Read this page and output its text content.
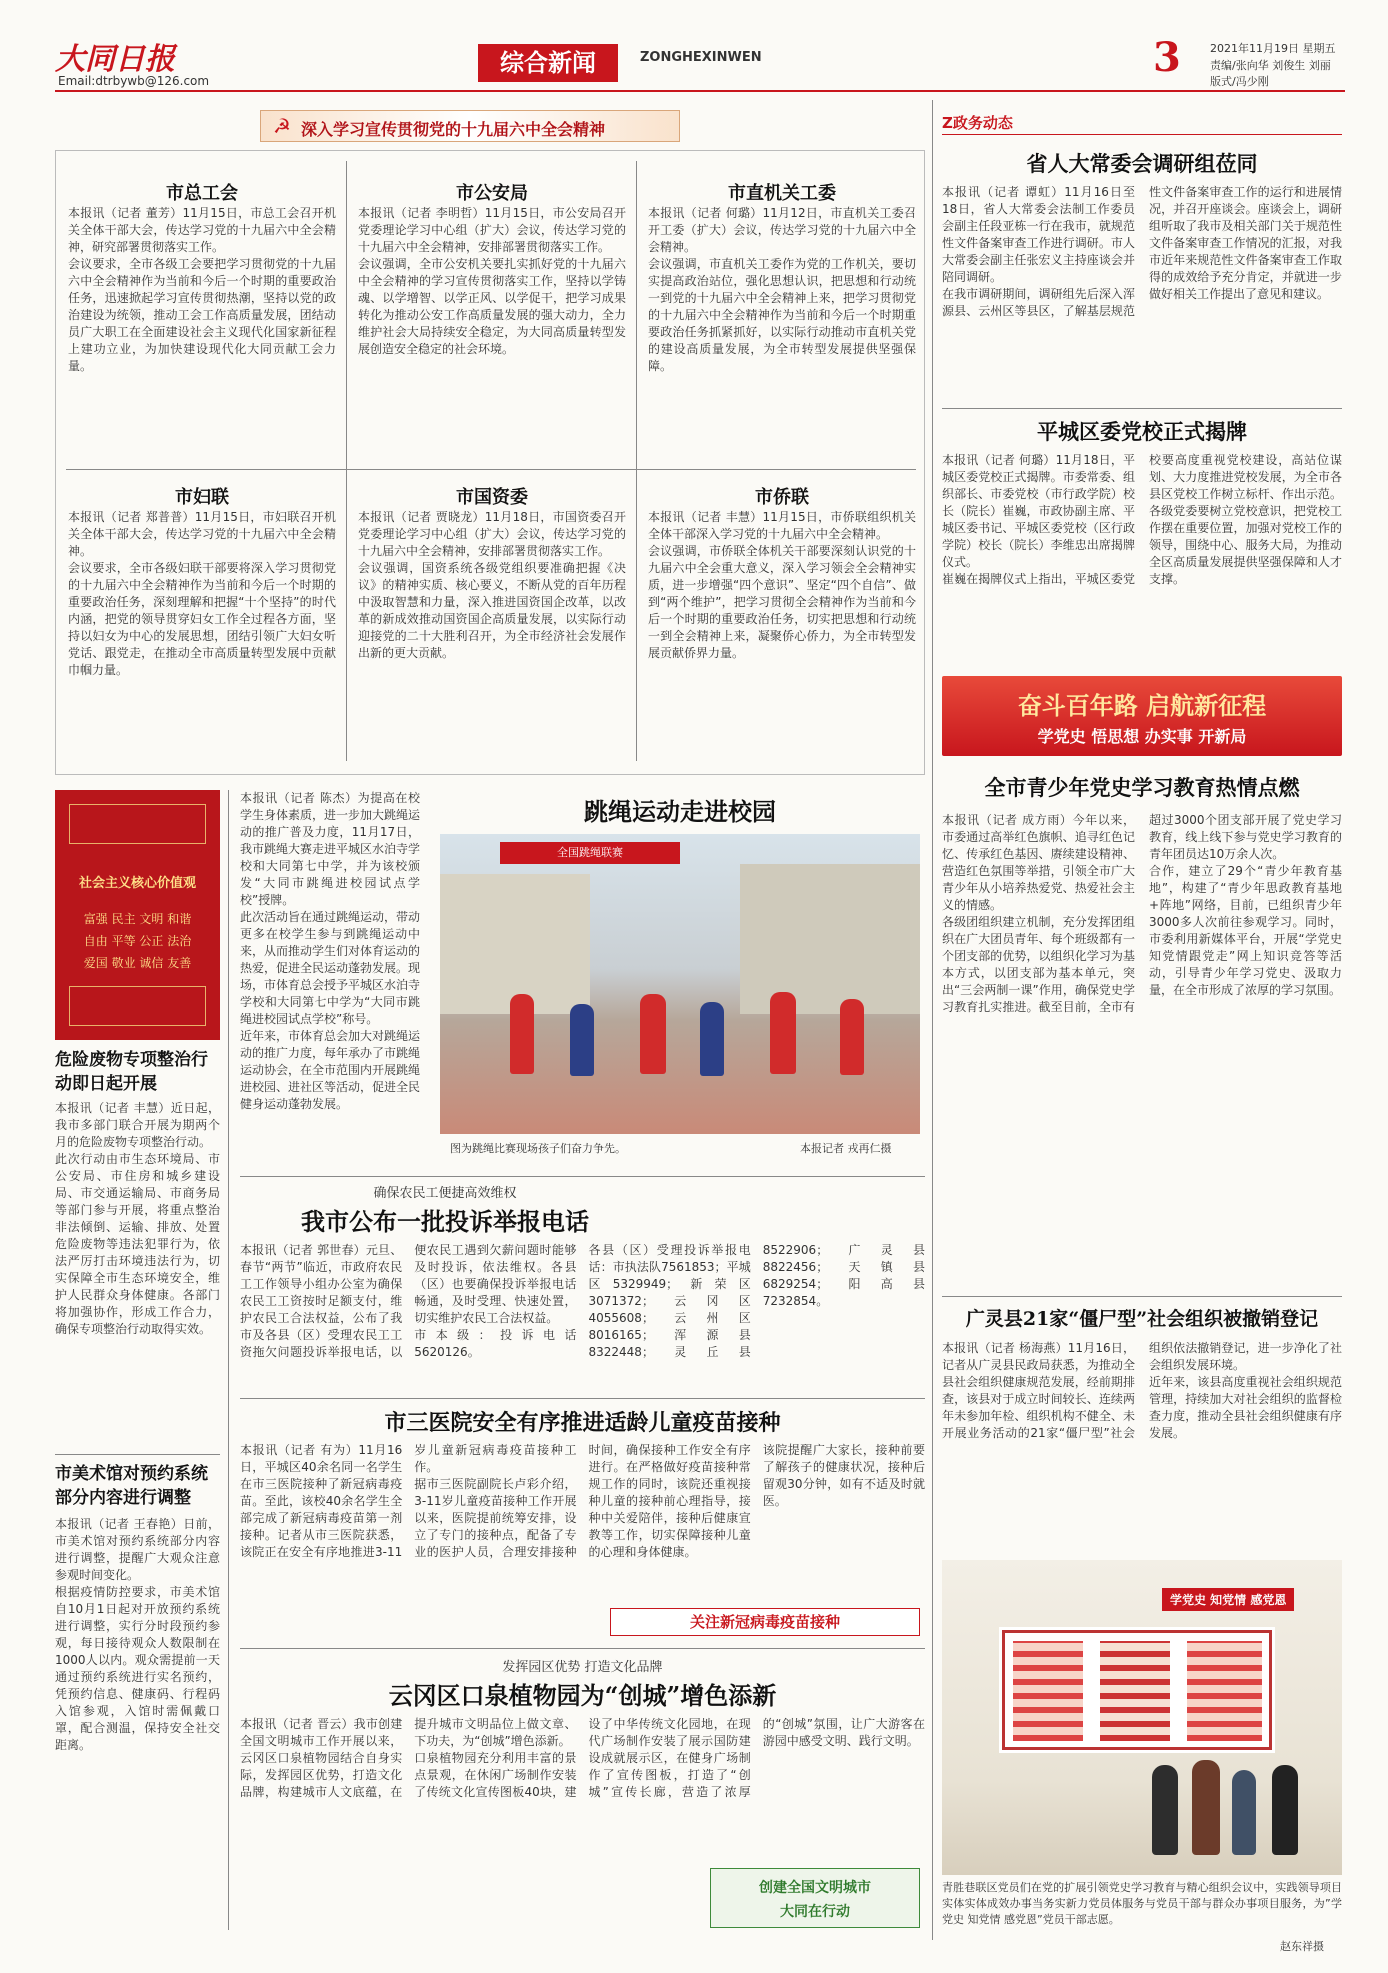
大同日报
Email:dtrbywb@126.com
综合新闻	ZONGHEXINWEN	3	2021年11月19日 星期五
责编/张向华 刘俊生 刘丽
版式/冯少刚
☭ 深入学习宣传贯彻党的十九届六中全会精神
市总工会
本报讯（记者 董芳）11月15日，市总工会召开机关全体干部大会，传达学习党的十九届六中全会精神，研究部署贯彻落实工作。
会议要求，全市各级工会要把学习贯彻党的十九届六中全会精神作为当前和今后一个时期的重要政治任务，迅速掀起学习宣传贯彻热潮，坚持以党的政治建设为统领，推动工会工作高质量发展，团结动员广大职工在全面建设社会主义现代化国家新征程上建功立业，为加快建设现代化大同贡献工会力量。
市公安局
本报讯（记者 李明哲）11月15日，市公安局召开党委理论学习中心组（扩大）会议，传达学习党的十九届六中全会精神，安排部署贯彻落实工作。
会议强调，全市公安机关要扎实抓好党的十九届六中全会精神的学习宣传贯彻落实工作，坚持以学铸魂、以学增智、以学正风、以学促干，把学习成果转化为推动公安工作高质量发展的强大动力，全力维护社会大局持续安全稳定，为大同高质量转型发展创造安全稳定的社会环境。
市直机关工委
本报讯（记者 何璐）11月12日，市直机关工委召开工委（扩大）会议，传达学习党的十九届六中全会精神。
会议强调，市直机关工委作为党的工作机关，要切实提高政治站位，强化思想认识，把思想和行动统一到党的十九届六中全会精神上来，把学习贯彻党的十九届六中全会精神作为当前和今后一个时期重要政治任务抓紧抓好，以实际行动推动市直机关党的建设高质量发展，为全市转型发展提供坚强保障。
市妇联
本报讯（记者 郑普普）11月15日，市妇联召开机关全体干部大会，传达学习党的十九届六中全会精神。
会议要求，全市各级妇联干部要将深入学习贯彻党的十九届六中全会精神作为当前和今后一个时期的重要政治任务，深刻理解和把握“十个坚持”的时代内涵，把党的领导贯穿妇女工作全过程各方面，坚持以妇女为中心的发展思想，团结引领广大妇女听党话、跟党走，在推动全市高质量转型发展中贡献巾帼力量。
市国资委
本报讯（记者 贾晓龙）11月18日，市国资委召开党委理论学习中心组（扩大）会议，传达学习党的十九届六中全会精神，安排部署贯彻落实工作。
会议强调，国资系统各级党组织要准确把握《决议》的精神实质、核心要义，不断从党的百年历程中汲取智慧和力量，深入推进国资国企改革，以改革的新成效推动国资国企高质量发展，以实际行动迎接党的二十大胜利召开，为全市经济社会发展作出新的更大贡献。
市侨联
本报讯（记者 丰慧）11月15日，市侨联组织机关全体干部深入学习党的十九届六中全会精神。
会议强调，市侨联全体机关干部要深刻认识党的十九届六中全会重大意义，深入学习领会全会精神实质，进一步增强“四个意识”、坚定“四个自信”、做到“两个维护”，把学习贯彻全会精神作为当前和今后一个时期的重要政治任务，切实把思想和行动统一到全会精神上来，凝聚侨心侨力，为全市转型发展贡献侨界力量。
Z政务动态
省人大常委会调研组莅同
本报讯（记者 谭虹）11月16日至18日，省人大常委会法制工作委员会副主任段亚栋一行在我市，就规范性文件备案审查工作进行调研。市人大常委会副主任张宏义主持座谈会并陪同调研。
在我市调研期间，调研组先后深入浑源县、云州区等县区，了解基层规范性文件备案审查工作的运行和进展情况，并召开座谈会。座谈会上，调研组听取了我市及相关部门关于规范性文件备案审查工作情况的汇报，对我市近年来规范性文件备案审查工作取得的成效给予充分肯定，并就进一步做好相关工作提出了意见和建议。
平城区委党校正式揭牌
本报讯（记者 何璐）11月18日，平城区委党校正式揭牌。市委常委、组织部长、市委党校（市行政学院）校长（院长）崔巍，市政协副主席、平城区委书记、平城区委党校（区行政学院）校长（院长）李维忠出席揭牌仪式。
崔巍在揭牌仪式上指出，平城区委党校要高度重视党校建设，高站位谋划、大力度推进党校发展，为全市各县区党校工作树立标杆、作出示范。各级党委要树立党校意识，把党校工作摆在重要位置，加强对党校工作的领导，围绕中心、服务大局，为推动全区高质量发展提供坚强保障和人才支撑。
奋斗百年路 启航新征程
学党史 悟思想 办实事 开新局
全市青少年党史学习教育热情点燃
本报讯（记者 成方雨）今年以来，市委通过高举红色旗帜、追寻红色记忆、传承红色基因、赓续建设精神、营造红色氛围等举措，引领全市广大青少年从小培养热爱党、热爱社会主义的情感。
各级团组织建立机制，充分发挥团组织在广大团员青年、每个班级都有一个团支部的优势，以组织化学习为基本方式，以团支部为基本单元，突出“三会两制一课”作用，确保党史学习教育扎实推进。截至目前，全市有超过3000个团支部开展了党史学习教育，线上线下参与党史学习教育的青年团员达10万余人次。
合作，建立了29个“青少年教育基地”，构建了“青少年思政教育基地+阵地”网络，目前，已组织青少年3000多人次前往参观学习。同时，市委利用新媒体平台，开展“学党史知党情跟党走”网上知识竞答等活动，引导青少年学习党史、汲取力量，在全市形成了浓厚的学习氛围。
广灵县21家“僵尸型”社会组织被撤销登记
本报讯（记者 杨海燕）11月16日，记者从广灵县民政局获悉，为推动全县社会组织健康规范发展，经前期排查，该县对于成立时间较长、连续两年未参加年检、组织机构不健全、未开展业务活动的21家“僵尸型”社会组织依法撤销登记，进一步净化了社会组织发展环境。
近年来，该县高度重视社会组织规范管理，持续加大对社会组织的监督检查力度，推动全县社会组织健康有序发展。
学党史 知党情 感党恩
青胜巷联区党员们在党的扩展引领党史学习教育与精心组织会议中，实践领导项目实体实体成效办事当务实新力党员体服务与党员干部与群众办事项目服务，为”学党史 知党情 感党恩”党员干部志愿。
赵东祥摄
社会主义核心价值观
富强 民主 文明 和谐
自由 平等 公正 法治
爱国 敬业 诚信 友善
危险废物专项整治行动即日起开展
本报讯（记者 丰慧）近日起，我市多部门联合开展为期两个月的危险废物专项整治行动。
此次行动由市生态环境局、市公安局、市住房和城乡建设局、市交通运输局、市商务局等部门参与开展，将重点整治非法倾倒、运输、排放、处置危险废物等违法犯罪行为，依法严厉打击环境违法行为，切实保障全市生态环境安全，维护人民群众身体健康。各部门将加强协作，形成工作合力，确保专项整治行动取得实效。
市美术馆对预约系统部分内容进行调整
本报讯（记者 王春艳）日前，市美术馆对预约系统部分内容进行调整，提醒广大观众注意参观时间变化。
根据疫情防控要求，市美术馆自10月1日起对开放预约系统进行调整，实行分时段预约参观，每日接待观众人数限制在1000人以内。观众需提前一天通过预约系统进行实名预约，凭预约信息、健康码、行程码入馆参观，入馆时需佩戴口罩，配合测温，保持安全社交距离。
本报讯（记者 陈杰）为提高在校学生身体素质，进一步加大跳绳运动的推广普及力度，11月17日，我市跳绳大赛走进平城区水泊寺学校和大同第七中学，并为该校颁发“大同市跳绳进校园试点学校”授牌。
此次活动旨在通过跳绳运动，带动更多在校学生参与到跳绳运动中来，从而推动学生们对体育运动的热爱，促进全民运动蓬勃发展。现场，市体育总会授予平城区水泊寺学校和大同第七中学为“大同市跳绳进校园试点学校”称号。
近年来，市体育总会加大对跳绳运动的推广力度，每年承办了市跳绳运动协会，在全市范围内开展跳绳进校园、进社区等活动，促进全民健身运动蓬勃发展。
跳绳运动走进校园
全国跳绳联赛
图为跳绳比赛现场孩子们奋力争先。	本报记者 戎再仁摄
确保农民工便捷高效维权
我市公布一批投诉举报电话
本报讯（记者 郭世春）元旦、春节“两节”临近，市政府农民工工作领导小组办公室为确保农民工工资按时足额支付，维护农民工合法权益，公布了我市及各县（区）受理农民工工资拖欠问题投诉举报电话，以便农民工遇到欠薪问题时能够及时投诉，依法维权。各县（区）也要确保投诉举报电话畅通，及时受理、快速处置，切实维护农民工合法权益。
市本级：投诉电话 5620126。
各县（区）受理投诉举报电话：市执法队7561853；平城区5329949；新荣区3071372；云冈区4055608；云州区8016165；浑源县8322448；灵丘县8522906；广灵县8822456；天镇县6829254；阳高县7232854。
市三医院安全有序推进适龄儿童疫苗接种
本报讯（记者 有为）11月16日，平城区40余名同一名学生在市三医院接种了新冠病毒疫苗。至此，该校40余名学生全部完成了新冠病毒疫苗第一剂接种。记者从市三医院获悉，该院正在安全有序地推进3-11岁儿童新冠病毒疫苗接种工作。
据市三医院副院长卢彩介绍，3-11岁儿童疫苗接种工作开展以来，医院提前统筹安排，设立了专门的接种点，配备了专业的医护人员，合理安排接种时间，确保接种工作安全有序进行。在严格做好疫苗接种常规工作的同时，该院还重视接种儿童的接种前心理指导，接种中关爱陪伴，接种后健康宣教等工作，切实保障接种儿童的心理和身体健康。
该院提醒广大家长，接种前要了解孩子的健康状况，接种后留观30分钟，如有不适及时就医。
关注新冠病毒疫苗接种
发挥园区优势 打造文化品牌
云冈区口泉植物园为“创城”增色添新
本报讯（记者 晋云）我市创建全国文明城市工作开展以来，云冈区口泉植物园结合自身实际，发挥园区优势，打造文化品牌，构建城市人文底蕴，在提升城市文明品位上做文章、下功夫，为“创城”增色添新。
口泉植物园充分利用丰富的景点景观，在休闲广场制作安装了传统文化宣传图板40块，建设了中华传统文化园地，在现代广场制作安装了展示国防建设成就展示区，在健身广场制作了宣传图板，打造了“创城”宣传长廊，营造了浓厚的“创城”氛围，让广大游客在游园中感受文明、践行文明。
创建全国文明城市
大同在行动
